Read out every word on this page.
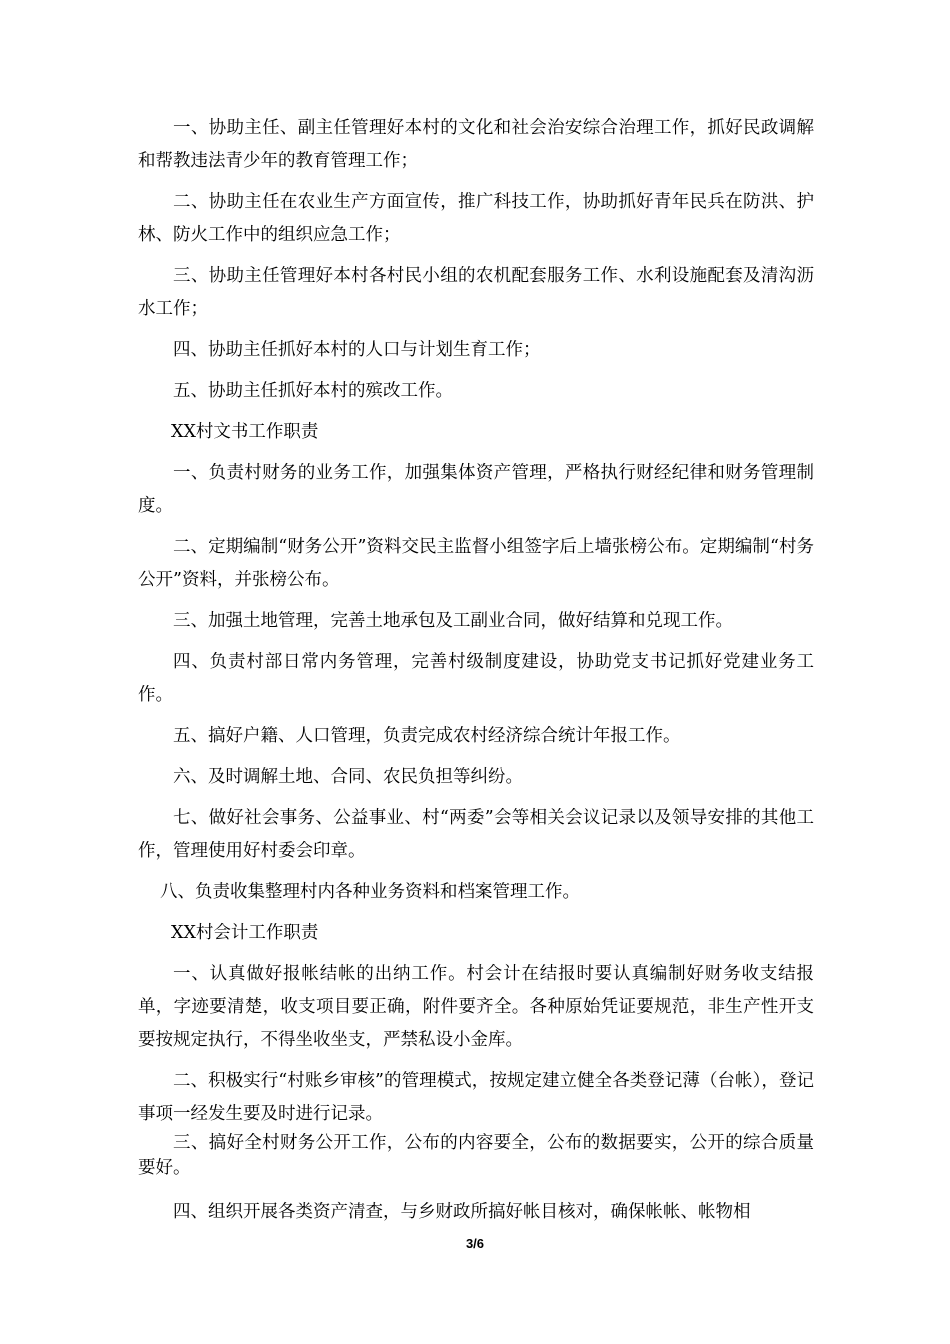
一、协助主任、副主任管理好本村的文化和社会治安综合治理工作，抓好民政调解和帮教违法青少年的教育管理工作；

二、协助主任在农业生产方面宣传，推广科技工作，协助抓好青年民兵在防洪、护林、防火工作中的组织应急工作；

三、协助主任管理好本村各村民小组的农机配套服务工作、水利设施配套及清沟沥水工作；

四、协助主任抓好本村的人口与计划生育工作；

五、协助主任抓好本村的殡改工作。

XX村文书工作职责

一、负责村财务的业务工作，加强集体资产管理，严格执行财经纪律和财务管理制度。

二、定期编制“财务公开”资料交民主监督小组签字后上墙张榜公布。定期编制“村务公开”资料，并张榜公布。

三、加强土地管理，完善土地承包及工副业合同，做好结算和兑现工作。

四、负责村部日常内务管理，完善村级制度建设，协助党支书记抓好党建业务工作。

五、搞好户籍、人口管理，负责完成农村经济综合统计年报工作。

六、及时调解土地、合同、农民负担等纠纷。

七、做好社会事务、公益事业、村“两委”会等相关会议记录以及领导安排的其他工作，管理使用好村委会印章。

八、负责收集整理村内各种业务资料和档案管理工作。

XX村会计工作职责

一、认真做好报帐结帐的出纳工作。村会计在结报时要认真编制好财务收支结报单，字迹要清楚，收支项目要正确，附件要齐全。各种原始凭证要规范，非生产性开支要按规定执行，不得坐收坐支，严禁私设小金库。

二、积极实行“村账乡审核”的管理模式，按规定建立健全各类登记薄（台帐），登记事项一经发生要及时进行记录。

三、搞好全村财务公开工作，公布的内容要全，公布的数据要实，公开的综合质量要好。

四、组织开展各类资产清查，与乡财政所搞好帐目核对，确保帐帐、帐物相

3/6
